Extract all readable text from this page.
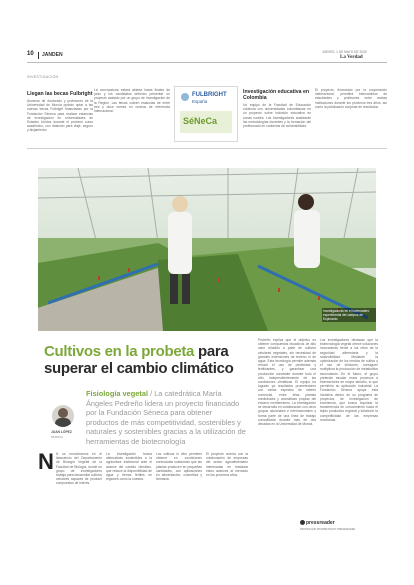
10 JANDEN	JUEVES, 1 DE MAYO DE 2025
La Verdad
INVESTIGACIÓN
Llegan las becas Fulbright
Alumnos de doctorado y profesores de la Universidad de Murcia podrán optar a las nuevas becas Fulbright financiadas por la Fundación Séneca para realizar estancias de investigación en universidades de Estados Unidos durante el próximo curso académico, con dotación para viaje, seguro y alojamiento.
La convocatoria estará abierta hasta finales de junio y los candidatos deberán presentar un proyecto avalado por un grupo de investigación de la Región. Las becas cubren estancias de entre tres y doce meses en centros de referencia internacional.
FULBRIGHT
España
SéNeCa
Investigación educativa en Colombia
Un equipo de la Facultad de Educación colabora con universidades colombianas en un proyecto sobre inclusión educativa en zonas rurales. Los investigadores analizarán las metodologías docentes y la formación del profesorado en contextos de vulnerabilidad.
El proyecto, financiado por la cooperación internacional, permitirá intercambios de estudiantes y profesores entre ambas instituciones durante los próximos tres años, así como la publicación conjunta de resultados.
Investigadoras en el invernadero experimental del campus de Espinardo.
Cultivos en la probeta para superar el cambio climático
Fisiología vegetal / La catedrática María Ángeles Pedreño lidera un proyecto financiado por la Fundación Séneca para obtener productos de más competitividad, sostenibles y naturales y sostenibles gracias a la utilización de herramientas de biotecnología
JUAN LÓPEZ
MURCIA
N os encontramos en el laboratorio del Departamento de Biología Vegetal de la Facultad de Biología, donde un grupo de investigadores trabaja para desarrollar cultivos celulares capaces de producir compuestos de interés.
La investigación busca alternativas sostenibles a la agricultura tradicional ante el avance del cambio climático, que reduce la disponibilidad de agua y tierras fértiles en regiones como la nuestra.
Los cultivos in vitro permiten obtener en condiciones controladas sustancias que las plantas producen en pequeñas cantidades, con aplicaciones en alimentación, cosmética y farmacia.
El proyecto cuenta con la colaboración de empresas del sector agroalimentario interesadas en trasladar estos avances al mercado en los próximos años.
N
Pedreño explica que el objetivo es obtener compuestos bioactivos de alto valor añadido a partir de cultivos celulares vegetales, sin necesidad de grandes extensiones de terreno ni de agua. Esta tecnología permite además reducir el uso de pesticidas y fertilizantes, y garantizar una producción constante durante todo el año, independientemente de las condiciones climáticas. El equipo ha logrado ya resultados prometedores con varias especies de interés comercial, entre ellas plantas medicinales y aromáticas propias del entorno mediterráneo. La investigación se desarrolla en colaboración con otros grupos nacionales e internacionales y forma parte de una línea de trabajo consolidada durante más de dos décadas en la Universidad de Murcia.
Los investigadores destacan que la biotecnología vegetal ofrece soluciones innovadoras frente a los retos de la seguridad alimentaria y la sostenibilidad. Mediante la optimización de los medios de cultivo y el uso de elicitores, consiguen multiplicar la producción de metabolitos secundarios. En el futuro, el grupo pretende escalar estos procesos a biorreactores de mayor tamaño, lo que permitiría su aplicación industrial. La Fundación Séneca apoya esta iniciativa dentro de su programa de proyectos de investigación de excelencia, que busca impulsar la transferencia de conocimiento hacia el tejido productivo regional y fortalecer la competitividad de las empresas murcianas.
pressreader
PRINTED AND DISTRIBUTED BY PRESSREADER
